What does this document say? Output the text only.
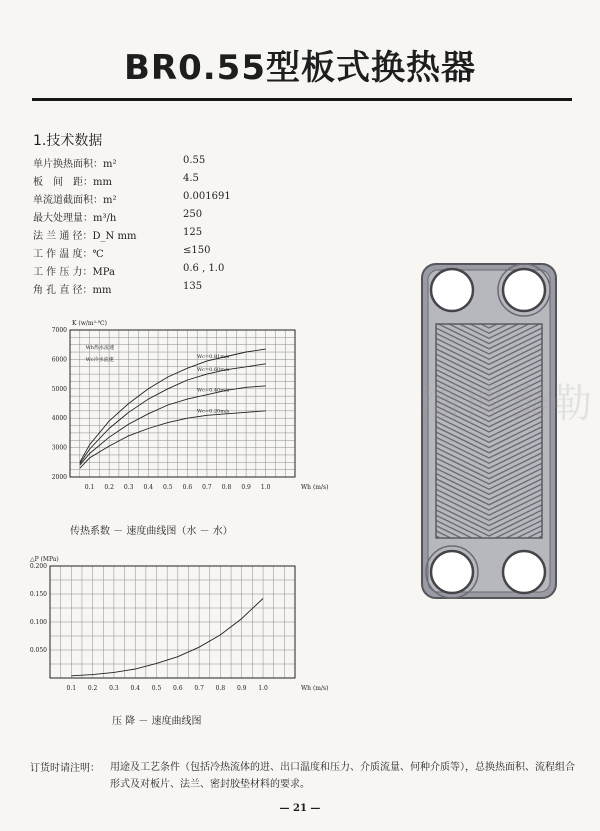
BR0.55型板式换热器
1.技术数据
单片换热面积：m²	0.55
板　间　距：mm	4.5
单流道截面积：m²	0.001691
最大处理量：m³/h	250
法 兰 通 径：D_N mm	125
工 作 温 度：℃	≤150
工 作 压 力：MPa	0.6 , 1.0
角 孔 直 径：mm	135
0.1 0.2 0.3 0.4 0.5 0.6 0.7 0.8 0.9 1.0
2000
3000
4000
5000
6000
7000
K (w/m²·℃)
Wh (m/s)
Wc=0.81m/s
Wc=0.60m/s
Wc=0.40m/s
Wc=0.20m/s
Wh热水流速
Wc冷水流速
传热系数 － 速度曲线图（水 － 水）
0.1 0.2 0.3 0.4 0.5 0.6 0.7 0.8 0.9 1.0
0.050
0.100
0.150
0.200
△P (MPa)
Wh (m/s)
压 降 － 速度曲线图
淄博泰勒
订货时请注明： 用途及工艺条件（包括冷热流体的进、出口温度和压力、介质流量、何种介质等），总换热面积、流程组合形式及对板片、法兰、密封胶垫材料的要求。
— 21 —
